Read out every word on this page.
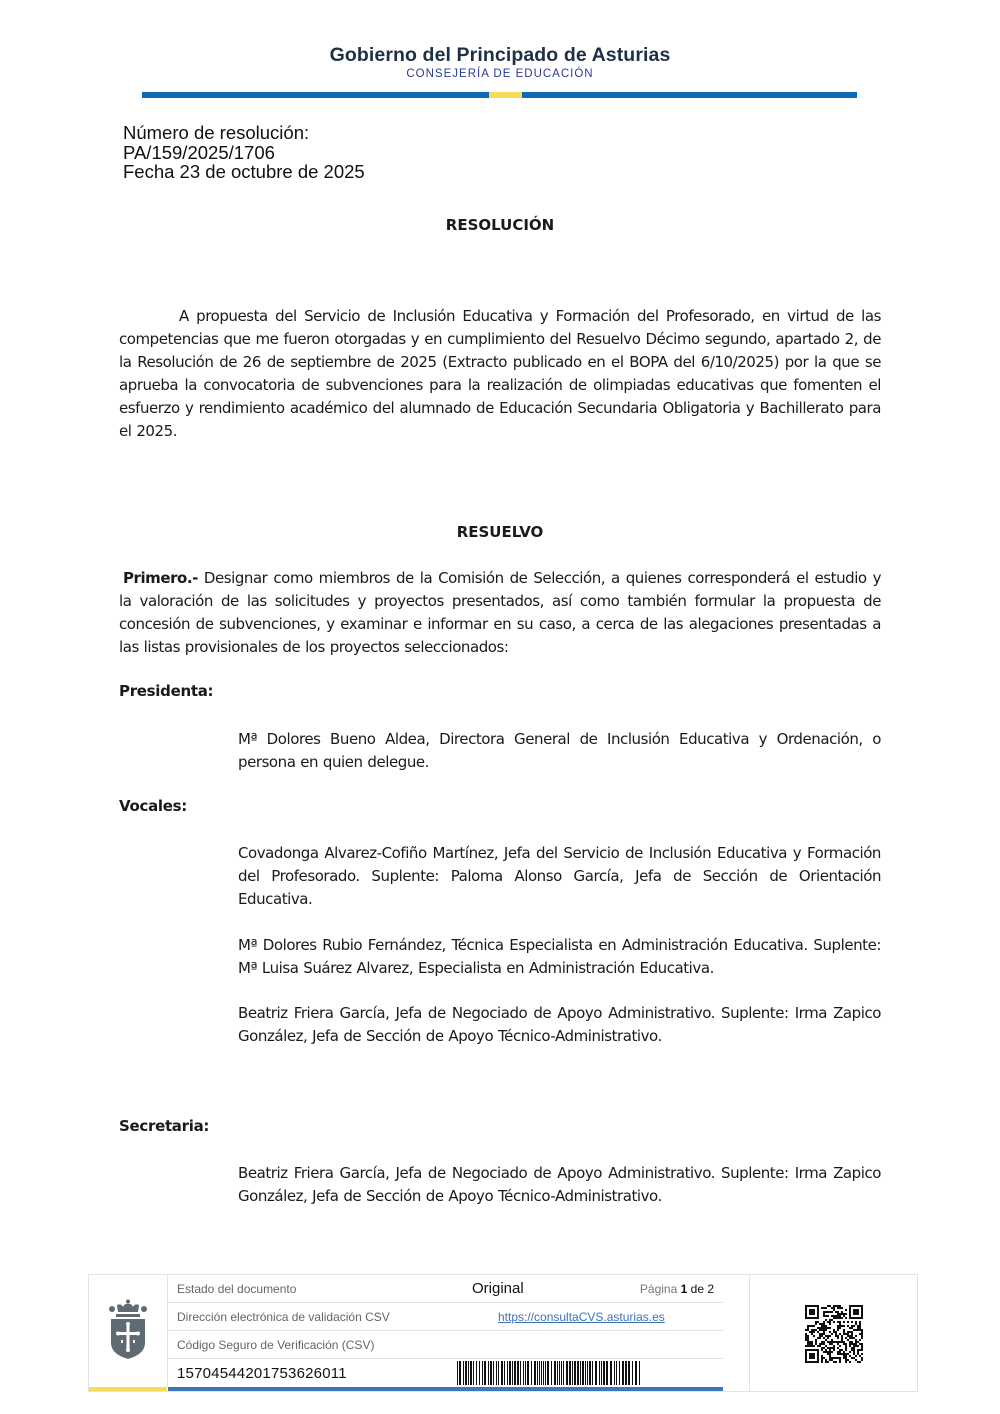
Gobierno del Principado de Asturias
CONSEJERÍA DE EDUCACIÓN
Número de resolución:
PA/159/2025/1706
Fecha 23 de octubre de 2025
RESOLUCIÓN
A propuesta del Servicio de Inclusión Educativa y Formación del Profesorado, en virtud de las competencias que me fueron otorgadas y en cumplimiento del Resuelvo Décimo segundo, apartado 2, de la Resolución de 26 de septiembre de 2025 (Extracto publicado en el BOPA del 6/10/2025) por la que se aprueba la convocatoria de subvenciones para la realización de olimpiadas educativas que fomenten el esfuerzo y rendimiento académico del alumnado de Educación Secundaria Obligatoria y Bachillerato para el 2025.
RESUELVO
Primero.- Designar como miembros de la Comisión de Selección, a quienes corresponderá el estudio y la valoración de las solicitudes y proyectos presentados, así como también formular la propuesta de concesión de subvenciones, y examinar e informar en su caso, a cerca de las alegaciones presentadas a las listas provisionales de los proyectos seleccionados:
Presidenta:
Mª Dolores Bueno Aldea, Directora General de Inclusión Educativa y Ordenación, o persona en quien delegue.
Vocales:
Covadonga Alvarez-Cofiño Martínez, Jefa del Servicio de Inclusión Educativa y Formación del Profesorado. Suplente: Paloma Alonso García, Jefa de Sección de Orientación Educativa.
Mª Dolores Rubio Fernández, Técnica Especialista en Administración Educativa. Suplente: Mª Luisa Suárez Alvarez, Especialista en Administración Educativa.
Beatriz Friera García, Jefa de Negociado de Apoyo Administrativo. Suplente: Irma Zapico González, Jefa de Sección de Apoyo Técnico-Administrativo.
Secretaria:
Beatriz Friera García, Jefa de Negociado de Apoyo Administrativo. Suplente: Irma Zapico González, Jefa de Sección de Apoyo Técnico-Administrativo.
Estado del documento	Original	Página 1 de 2
Dirección electrónica de validación CSV	https://consultaCVS.asturias.es
Código Seguro de Verificación (CSV)
15704544201753626011
